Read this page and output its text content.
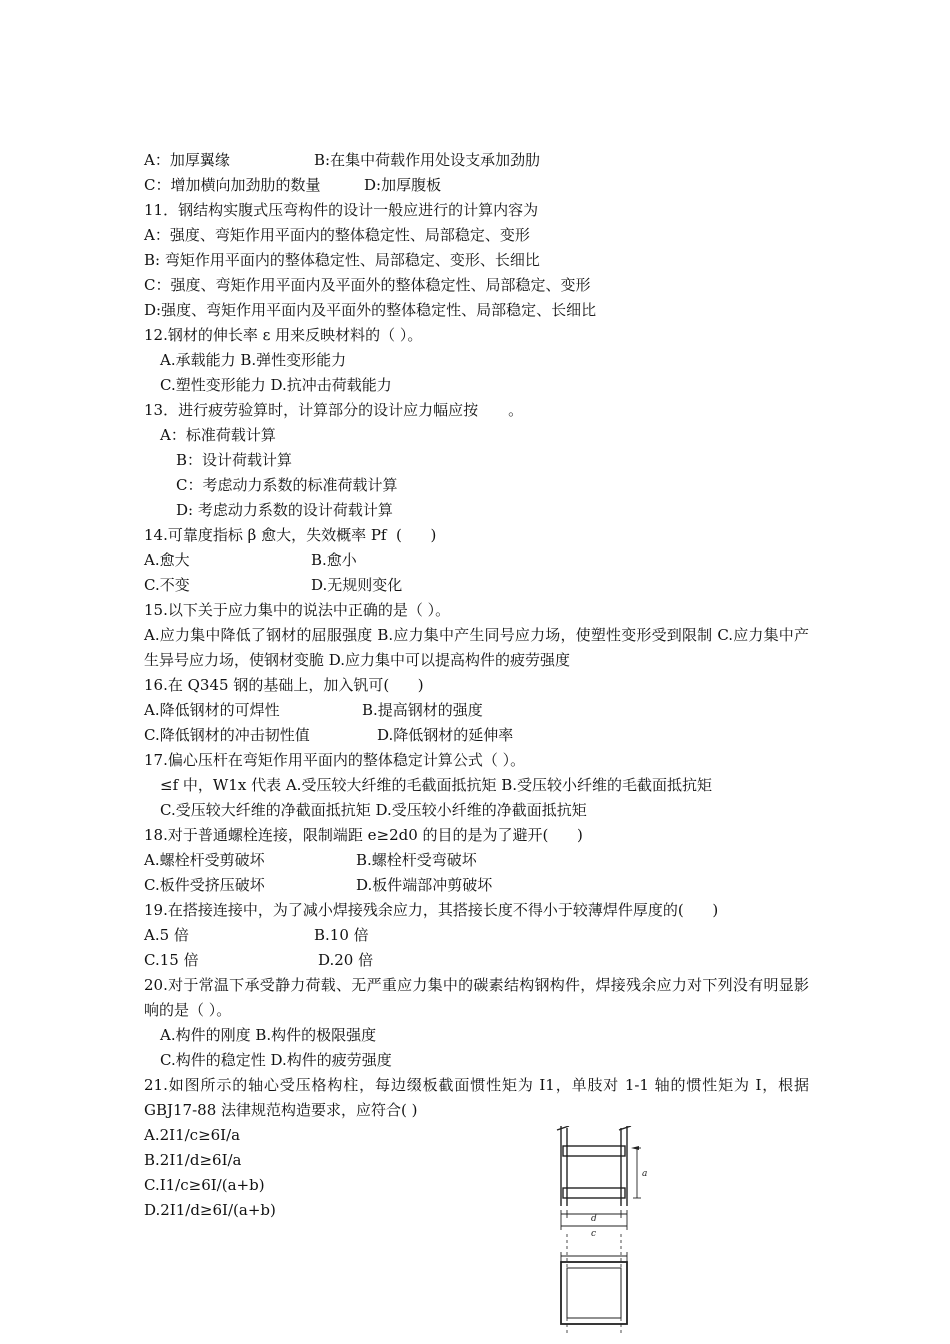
A：加厚翼缘

	B:在集中荷载作用处设支承加劲肋

C：增加横向加劲肋的数量

	D:加厚腹板

11．钢结构实腹式压弯构件的设计一般应进行的计算内容为
A：强度、弯矩作用平面内的整体稳定性、局部稳定、变形
B: 弯矩作用平面内的整体稳定性、局部稳定、变形、长细比
C：强度、弯矩作用平面内及平面外的整体稳定性、局部稳定、变形
D:强度、弯矩作用平面内及平面外的整体稳定性、局部稳定、长细比
12.钢材的伸长率 ε 用来反映材料的（ ）。
A.承载能力 B.弹性变形能力
C.塑性变形能力 D.抗冲击荷载能力
13．进行疲劳验算时，计算部分的设计应力幅应按　　。
A：标准荷载计算
B：设计荷载计算
C：考虑动力系数的标准荷载计算
D: 考虑动力系数的设计荷载计算
14.可靠度指标 β 愈大，失效概率 Pf  (      )

A.愈大

	B.愈小

C.不变

	D.无规则变化

15.以下关于应力集中的说法中正确的是（ ）。
A.应力集中降低了钢材的屈服强度 B.应力集中产生同号应力场，使塑性变形受到限制 C.应力集中产生异号应力场，使钢材变脆 D.应力集中可以提高构件的疲劳强度
16.在 Q345 钢的基础上，加入钒可(      )

A.降低钢材的可焊性

	B.提高钢材的强度

C.降低钢材的冲击韧性值

	D.降低钢材的延伸率

17.偏心压杆在弯矩作用平面内的整体稳定计算公式（ ）。
≤f 中，W1x 代表 A.受压较大纤维的毛截面抵抗矩 B.受压较小纤维的毛截面抵抗矩
C.受压较大纤维的净截面抵抗矩 D.受压较小纤维的净截面抵抗矩
18.对于普通螺栓连接，限制端距 e≥2d0 的目的是为了避开(      )

A.螺栓杆受剪破坏

	B.螺栓杆受弯破坏

C.板件受挤压破坏

	D.板件端部冲剪破坏

19.在搭接连接中，为了减小焊接残余应力，其搭接长度不得小于较薄焊件厚度的(      )

A.5 倍

	B.10 倍

C.15 倍

	D.20 倍

20.对于常温下承受静力荷载、无严重应力集中的碳素结构钢构件，焊接残余应力对下列没有明显影响的是（ ）。
A.构件的刚度 B.构件的极限强度
C.构件的稳定性 D.构件的疲劳强度
21.如图所示的轴心受压格构柱，每边缀板截面惯性矩为 I1，单肢对 1-1 轴的惯性矩为 I，根据 GBJ17-88 法律规范构造要求，应符合( )
A.2I1/c≥6I/a
B.2I1/d≥6I/a
C.I1/c≥6I/(a+b)
D.2I1/d≥6I/(a+b)	d
c
a
